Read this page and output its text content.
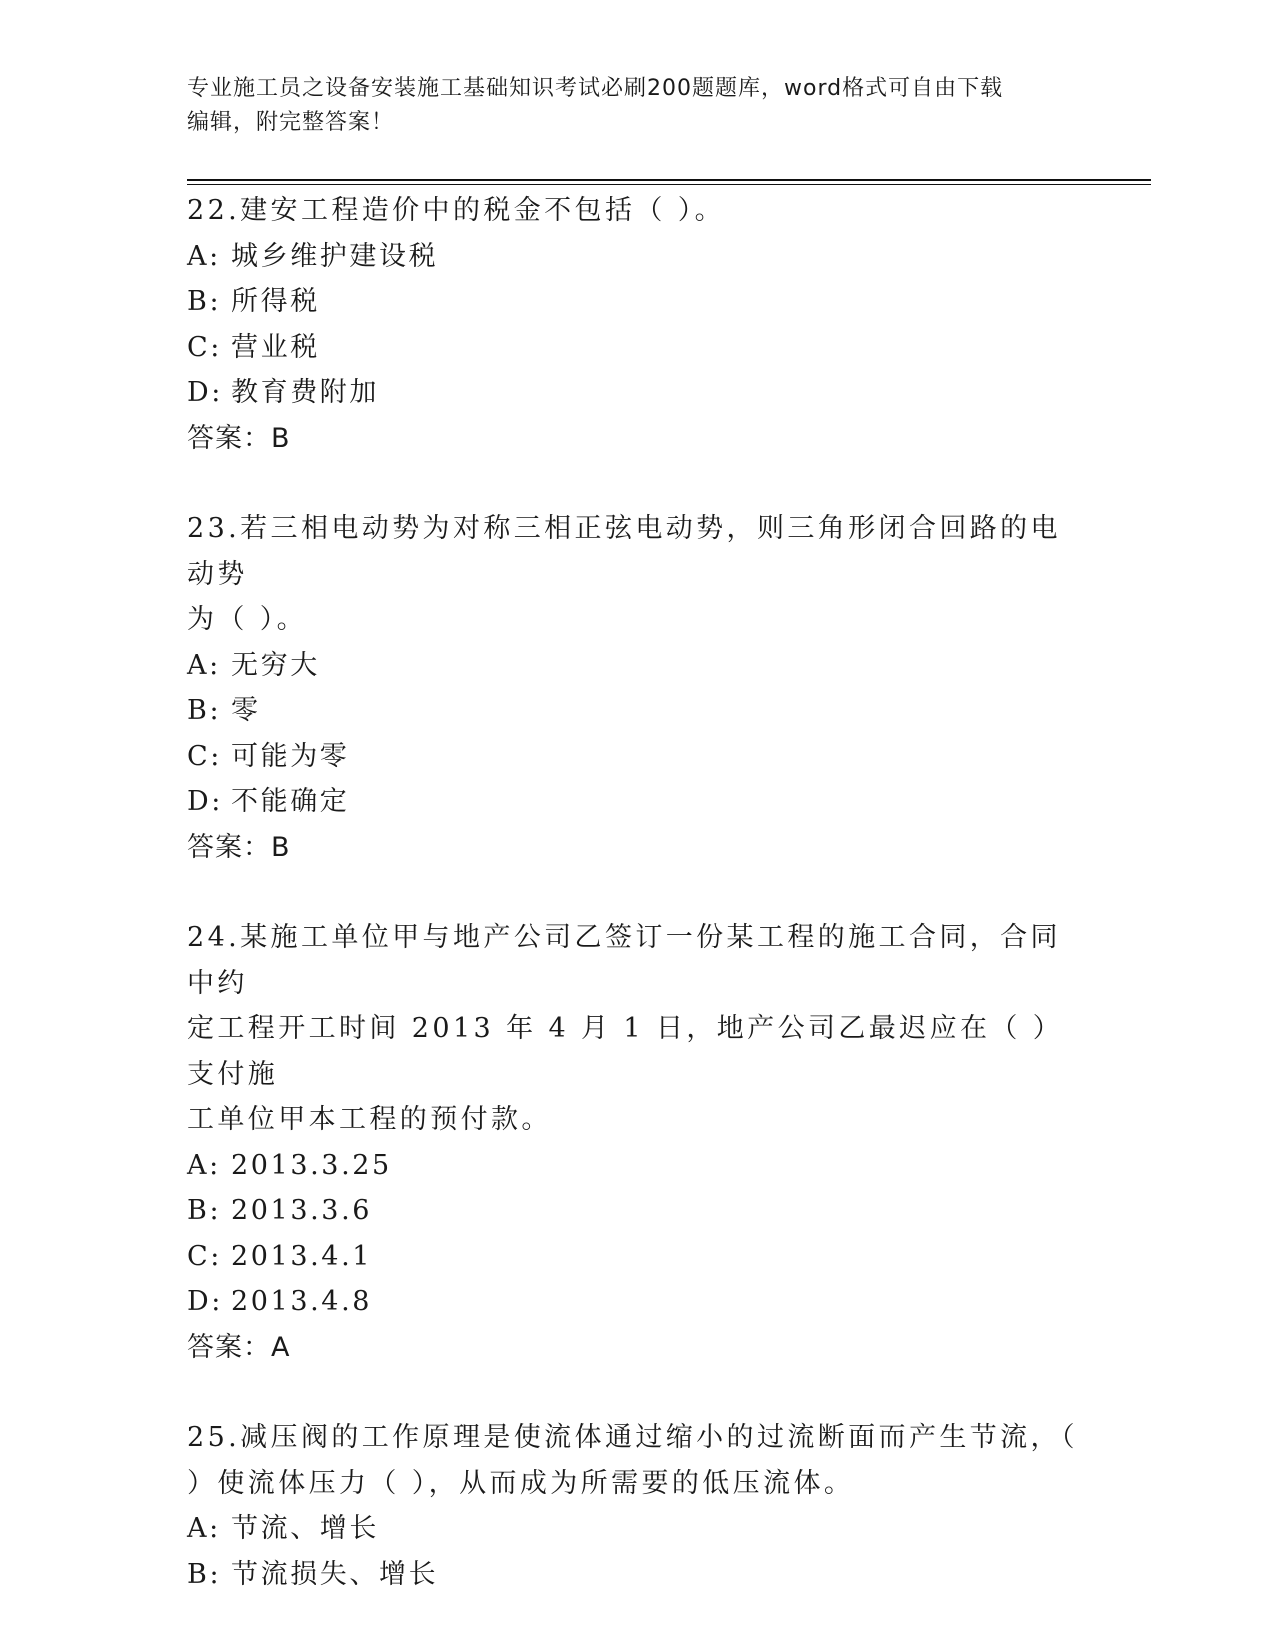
专业施工员之设备安装施工基础知识考试必刷200题题库，word格式可自由下载
编辑，附完整答案！
22.建安工程造价中的税金不包括（ ）。
A: 城乡维护建设税
B: 所得税
C: 营业税
D: 教育费附加
答案：B
23.若三相电动势为对称三相正弦电动势，则三角形闭合回路的电动势
为（ ）。
A: 无穷大
B: 零
C: 可能为零
D: 不能确定
答案：B
24.某施工单位甲与地产公司乙签订一份某工程的施工合同，合同中约
定工程开工时间 2013 年 4 月 1 日，地产公司乙最迟应在（ ）支付施
工单位甲本工程的预付款。
A: 2013.3.25
B: 2013.3.6
C: 2013.4.1
D: 2013.4.8
答案：A
25.减压阀的工作原理是使流体通过缩小的过流断面而产生节流，（
）使流体压力（ ），从而成为所需要的低压流体。
A: 节流、增长
B: 节流损失、增长
